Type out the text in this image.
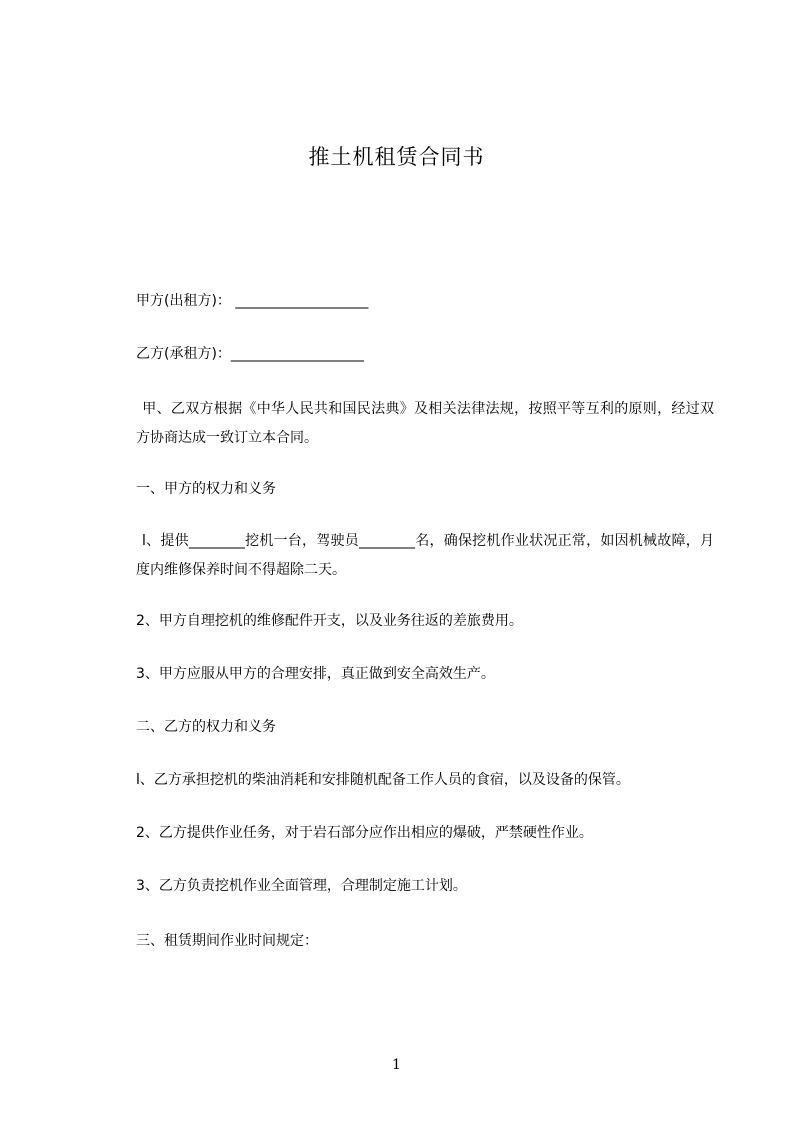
推土机租赁合同书

甲方(出租方)： ___________________

乙方(承租方)：___________________

甲、乙双方根据《中华人民共和国民法典》及相关法律法规，按照平等互利的原则，经过双方协商达成一致订立本合同。

一、甲方的权力和义务

l、提供________挖机一台，驾驶员________名，确保挖机作业状况正常，如因机械故障，月度内维修保养时间不得超除二天。

2、甲方自理挖机的维修配件开支，以及业务往返的差旅费用。

3、甲方应服从甲方的合理安排，真正做到安全高效生产。

二、乙方的权力和义务

l、乙方承担挖机的柴油消耗和安排随机配备工作人员的食宿，以及设备的保管。

2、乙方提供作业任务，对于岩石部分应作出相应的爆破，严禁硬性作业。

3、乙方负责挖机作业全面管理，合理制定施工计划。

三、租赁期间作业时间规定：

1
